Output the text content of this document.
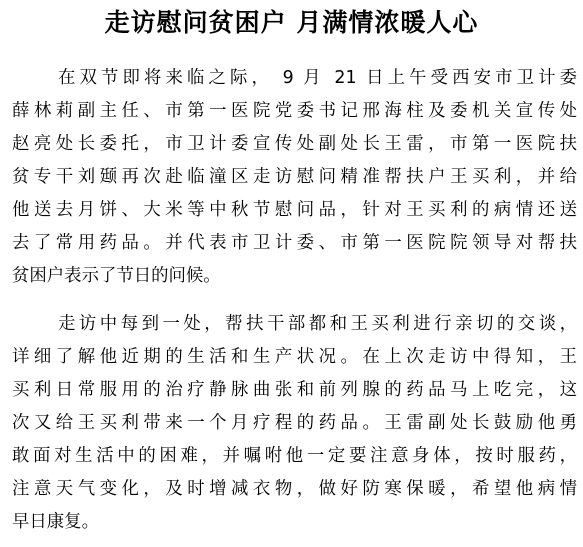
走访慰问贫困户 月满情浓暖人心
在双节即将来临之际， 9 月 21 日上午受西安市卫计委
薛林莉副主任、市第一医院党委书记邢海柱及委机关宣传处
赵亮处长委托，市卫计委宣传处副处长王雷，市第一医院扶
贫专干刘颋再次赴临潼区走访慰问精准帮扶户王买利，并给
他送去月饼、大米等中秋节慰问品，针对王买利的病情还送
去了常用药品。并代表市卫计委、市第一医院院领导对帮扶
贫困户表示了节日的问候。
走访中每到一处，帮扶干部都和王买利进行亲切的交谈，
详细了解他近期的生活和生产状况。在上次走访中得知，王
买利日常服用的治疗静脉曲张和前列腺的药品马上吃完，这
次又给王买利带来一个月疗程的药品。王雷副处长鼓励他勇
敢面对生活中的困难，并嘱咐他一定要注意身体，按时服药，
注意天气变化，及时增减衣物，做好防寒保暖，希望他病情
早日康复。
